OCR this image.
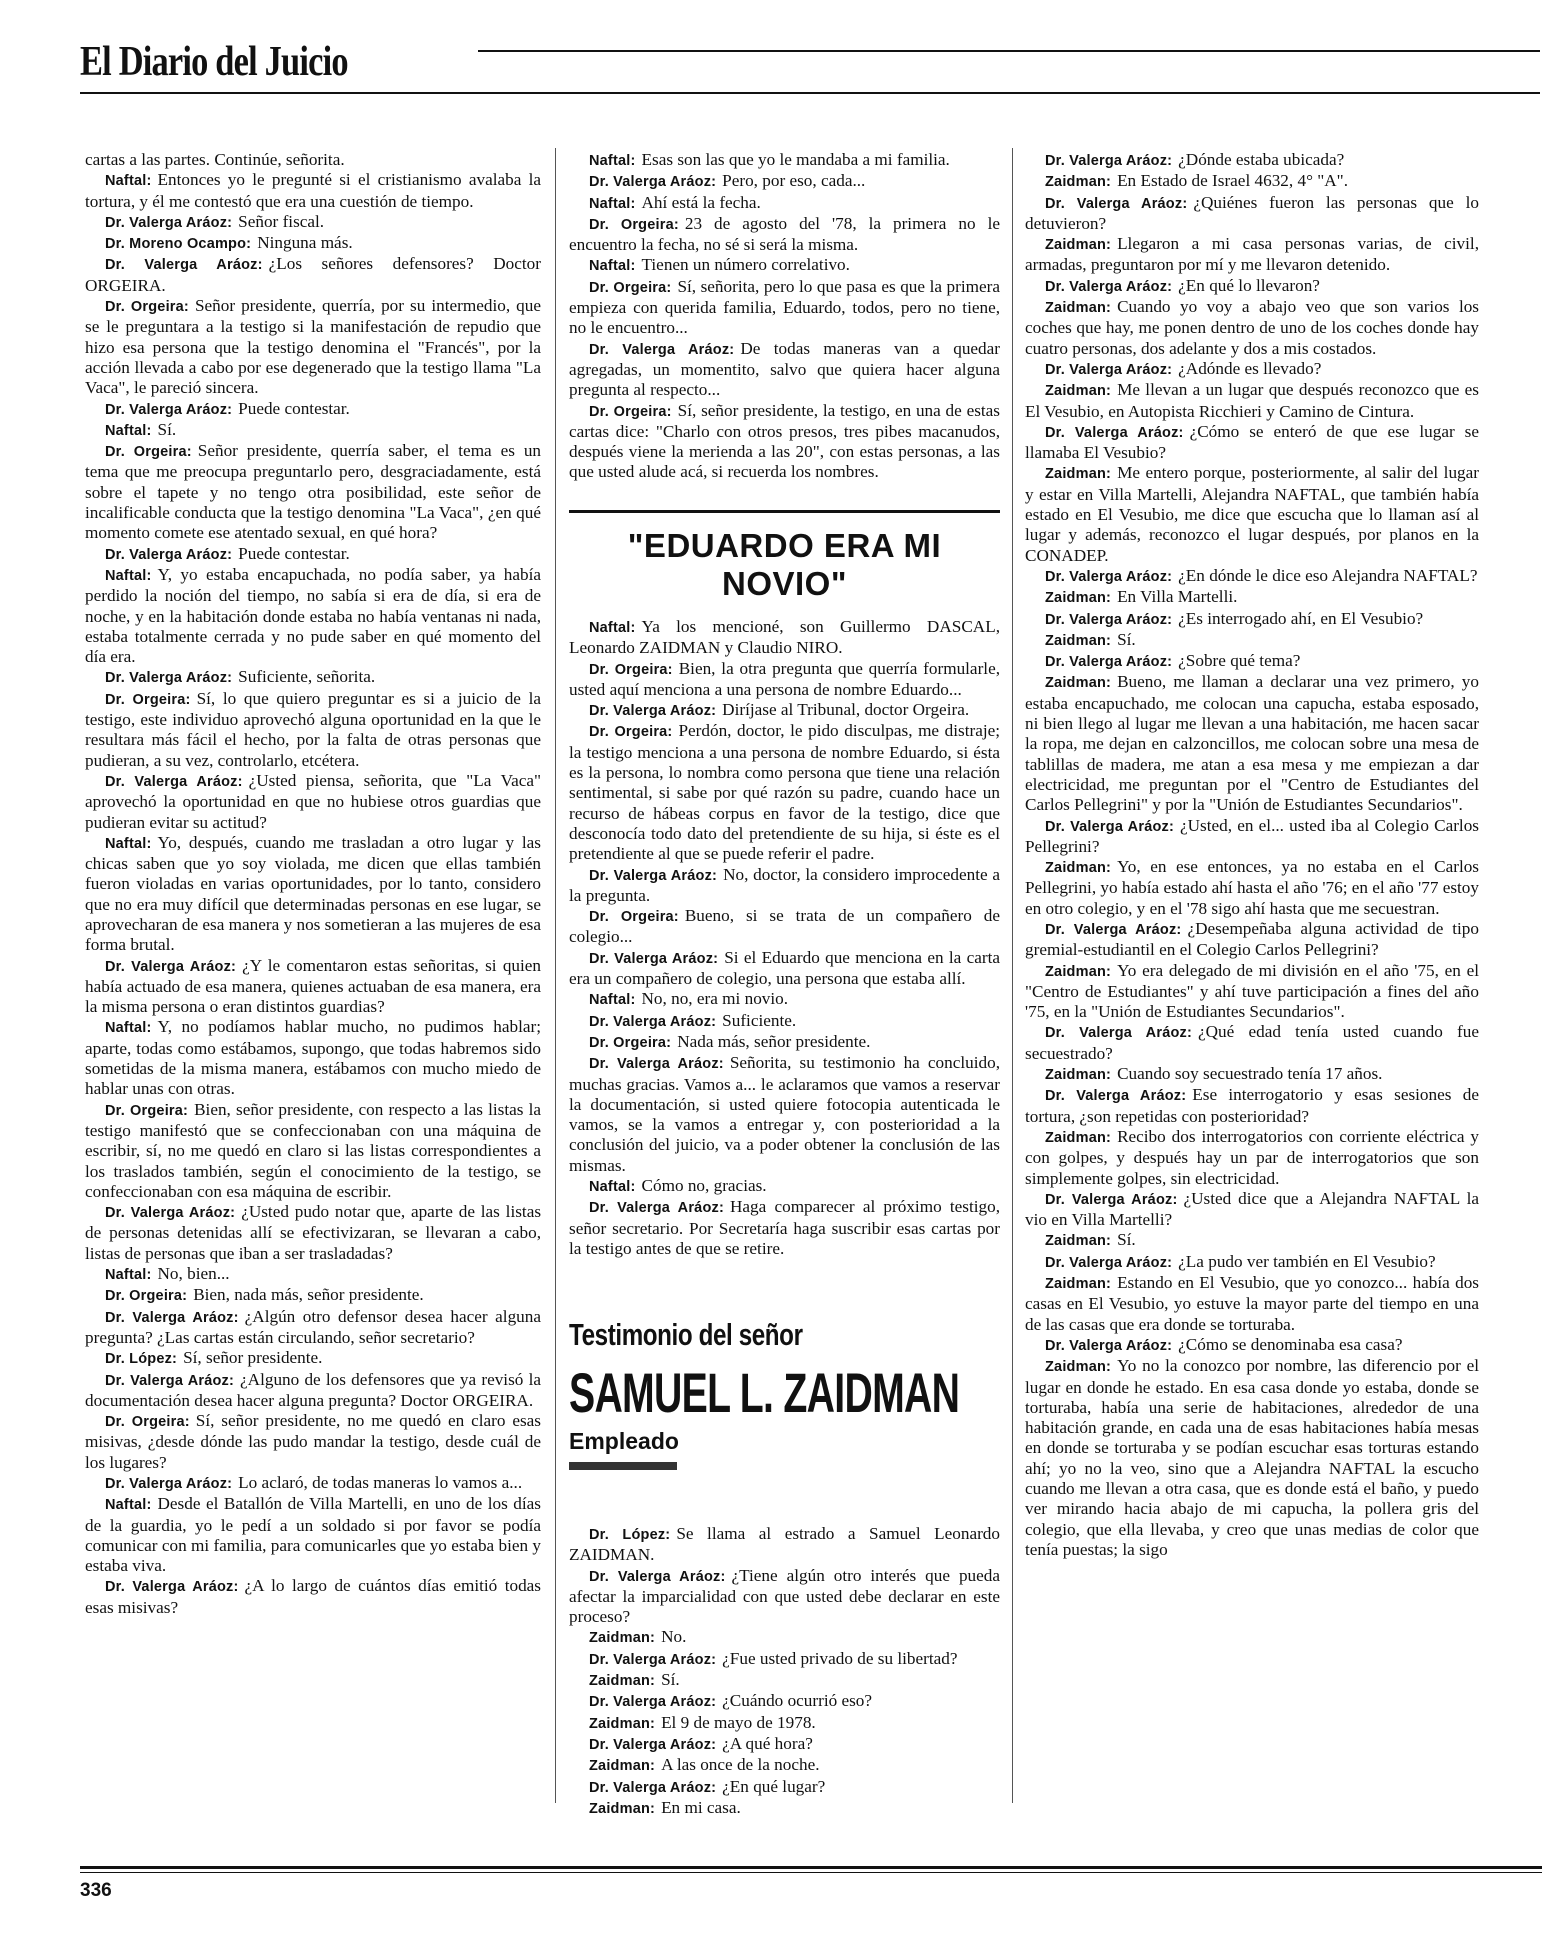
El Diario del Juicio

cartas a las partes. Continúe, señorita.

Naftal: Entonces yo le pregunté si el cristianismo avalaba la tortura, y él me contestó que era una cuestión de tiempo.

Dr. Valerga Aráoz: Señor fiscal.

Dr. Moreno Ocampo: Ninguna más.

Dr. Valerga Aráoz: ¿Los señores defensores? Doctor ORGEIRA.

Dr. Orgeira: Señor presidente, querría, por su intermedio, que se le preguntara a la testigo si la manifestación de repudio que hizo esa persona que la testigo denomina el "Francés", por la acción llevada a cabo por ese degenerado que la testigo llama "La Vaca", le pareció sincera.

Dr. Valerga Aráoz: Puede contestar.

Naftal: Sí.

Dr. Orgeira: Señor presidente, querría saber, el tema es un tema que me preocupa preguntarlo pero, desgraciadamente, está sobre el tapete y no tengo otra posibilidad, este señor de incalificable conducta que la testigo denomina "La Vaca", ¿en qué momento comete ese atentado sexual, en qué hora?

Dr. Valerga Aráoz: Puede contestar.

Naftal: Y, yo estaba encapuchada, no podía saber, ya había perdido la noción del tiempo, no sabía si era de día, si era de noche, y en la habitación donde estaba no había ventanas ni nada, estaba totalmente cerrada y no pude saber en qué momento del día era.

Dr. Valerga Aráoz: Suficiente, señorita.

Dr. Orgeira: Sí, lo que quiero preguntar es si a juicio de la testigo, este individuo aprovechó alguna oportunidad en la que le resultara más fácil el hecho, por la falta de otras personas que pudieran, a su vez, controlarlo, etcétera.

Dr. Valerga Aráoz: ¿Usted piensa, señorita, que "La Vaca" aprovechó la oportunidad en que no hubiese otros guardias que pudieran evitar su actitud?

Naftal: Yo, después, cuando me trasladan a otro lugar y las chicas saben que yo soy violada, me dicen que ellas también fueron violadas en varias oportunidades, por lo tanto, considero que no era muy difícil que determinadas personas en ese lugar, se aprovecharan de esa manera y nos sometieran a las mujeres de esa forma brutal.

Dr. Valerga Aráoz: ¿Y le comentaron estas señoritas, si quien había actuado de esa manera, quienes actuaban de esa manera, era la misma persona o eran distintos guardias?

Naftal: Y, no podíamos hablar mucho, no pudimos hablar; aparte, todas como estábamos, supongo, que todas habremos sido sometidas de la misma manera, estábamos con mucho miedo de hablar unas con otras.

Dr. Orgeira: Bien, señor presidente, con respecto a las listas la testigo manifestó que se confeccionaban con una máquina de escribir, sí, no me quedó en claro si las listas correspondientes a los traslados también, según el conocimiento de la testigo, se confeccionaban con esa máquina de escribir.

Dr. Valerga Aráoz: ¿Usted pudo notar que, aparte de las listas de personas detenidas allí se efectivizaran, se llevaran a cabo, listas de personas que iban a ser trasladadas?

Naftal: No, bien...

Dr. Orgeira: Bien, nada más, señor presidente.

Dr. Valerga Aráoz: ¿Algún otro defensor desea hacer alguna pregunta? ¿Las cartas están circulando, señor secretario?

Dr. López: Sí, señor presidente.

Dr. Valerga Aráoz: ¿Alguno de los defensores que ya revisó la documentación desea hacer alguna pregunta? Doctor ORGEIRA.

Dr. Orgeira: Sí, señor presidente, no me quedó en claro esas misivas, ¿desde dónde las pudo mandar la testigo, desde cuál de los lugares?

Dr. Valerga Aráoz: Lo aclaró, de todas maneras lo vamos a...

Naftal: Desde el Batallón de Villa Martelli, en uno de los días de la guardia, yo le pedí a un soldado si por favor se podía comunicar con mi familia, para comunicarles que yo estaba bien y estaba viva.

Dr. Valerga Aráoz: ¿A lo largo de cuántos días emitió todas esas misivas?

Naftal: Esas son las que yo le mandaba a mi familia.

Dr. Valerga Aráoz: Pero, por eso, cada...

Naftal: Ahí está la fecha.

Dr. Orgeira: 23 de agosto del '78, la primera no le encuentro la fecha, no sé si será la misma.

Naftal: Tienen un número correlativo.

Dr. Orgeira: Sí, señorita, pero lo que pasa es que la primera empieza con querida familia, Eduardo, todos, pero no tiene, no le encuentro...

Dr. Valerga Aráoz: De todas maneras van a quedar agregadas, un momentito, salvo que quiera hacer alguna pregunta al respecto...

Dr. Orgeira: Sí, señor presidente, la testigo, en una de estas cartas dice: "Charlo con otros presos, tres pibes macanudos, después viene la merienda a las 20", con estas personas, a las que usted alude acá, si recuerda los nombres.

"EDUARDO ERA MI NOVIO"

Naftal: Ya los mencioné, son Guillermo DASCAL, Leonardo ZAIDMAN y Claudio NIRO.

Dr. Orgeira: Bien, la otra pregunta que querría formularle, usted aquí menciona a una persona de nombre Eduardo...

Dr. Valerga Aráoz: Diríjase al Tribunal, doctor Orgeira.

Dr. Orgeira: Perdón, doctor, le pido disculpas, me distraje; la testigo menciona a una persona de nombre Eduardo, si ésta es la persona, lo nombra como persona que tiene una relación sentimental, si sabe por qué razón su padre, cuando hace un recurso de hábeas corpus en favor de la testigo, dice que desconocía todo dato del pretendiente de su hija, si éste es el pretendiente al que se puede referir el padre.

Dr. Valerga Aráoz: No, doctor, la considero improcedente a la pregunta.

Dr. Orgeira: Bueno, si se trata de un compañero de colegio...

Dr. Valerga Aráoz: Si el Eduardo que menciona en la carta era un compañero de colegio, una persona que estaba allí.

Naftal: No, no, era mi novio.

Dr. Valerga Aráoz: Suficiente.

Dr. Orgeira: Nada más, señor presidente.

Dr. Valerga Aráoz: Señorita, su testimonio ha concluido, muchas gracias. Vamos a... le aclaramos que vamos a reservar la documentación, si usted quiere fotocopia autenticada le vamos, se la vamos a entregar y, con posterioridad a la conclusión del juicio, va a poder obtener la conclusión de las mismas.

Naftal: Cómo no, gracias.

Dr. Valerga Aráoz: Haga comparecer al próximo testigo, señor secretario. Por Secretaría haga suscribir esas cartas por la testigo antes de que se retire.

Testimonio del señor
SAMUEL L. ZAIDMAN
Empleado

Dr. López: Se llama al estrado a Samuel Leonardo ZAIDMAN.

Dr. Valerga Aráoz: ¿Tiene algún otro interés que pueda afectar la imparcialidad con que usted debe declarar en este proceso?

Zaidman: No.

Dr. Valerga Aráoz: ¿Fue usted privado de su libertad?

Zaidman: Sí.

Dr. Valerga Aráoz: ¿Cuándo ocurrió eso?

Zaidman: El 9 de mayo de 1978.

Dr. Valerga Aráoz: ¿A qué hora?

Zaidman: A las once de la noche.

Dr. Valerga Aráoz: ¿En qué lugar?

Zaidman: En mi casa.

Dr. Valerga Aráoz: ¿Dónde estaba ubicada?

Zaidman: En Estado de Israel 4632, 4° "A".

Dr. Valerga Aráoz: ¿Quiénes fueron las personas que lo detuvieron?

Zaidman: Llegaron a mi casa personas varias, de civil, armadas, preguntaron por mí y me llevaron detenido.

Dr. Valerga Aráoz: ¿En qué lo llevaron?

Zaidman: Cuando yo voy a abajo veo que son varios los coches que hay, me ponen dentro de uno de los coches donde hay cuatro personas, dos adelante y dos a mis costados.

Dr. Valerga Aráoz: ¿Adónde es llevado?

Zaidman: Me llevan a un lugar que después reconozco que es El Vesubio, en Autopista Ricchieri y Camino de Cintura.

Dr. Valerga Aráoz: ¿Cómo se enteró de que ese lugar se llamaba El Vesubio?

Zaidman: Me entero porque, posteriormente, al salir del lugar y estar en Villa Martelli, Alejandra NAFTAL, que también había estado en El Vesubio, me dice que escucha que lo llaman así al lugar y además, reconozco el lugar después, por planos en la CONADEP.

Dr. Valerga Aráoz: ¿En dónde le dice eso Alejandra NAFTAL?

Zaidman: En Villa Martelli.

Dr. Valerga Aráoz: ¿Es interrogado ahí, en El Vesubio?

Zaidman: Sí.

Dr. Valerga Aráoz: ¿Sobre qué tema?

Zaidman: Bueno, me llaman a declarar una vez primero, yo estaba encapuchado, me colocan una capucha, estaba esposado, ni bien llego al lugar me llevan a una habitación, me hacen sacar la ropa, me dejan en calzoncillos, me colocan sobre una mesa de tablillas de madera, me atan a esa mesa y me empiezan a dar electricidad, me preguntan por el "Centro de Estudiantes del Carlos Pellegrini" y por la "Unión de Estudiantes Secundarios".

Dr. Valerga Aráoz: ¿Usted, en el... usted iba al Colegio Carlos Pellegrini?

Zaidman: Yo, en ese entonces, ya no estaba en el Carlos Pellegrini, yo había estado ahí hasta el año '76; en el año '77 estoy en otro colegio, y en el '78 sigo ahí hasta que me secuestran.

Dr. Valerga Aráoz: ¿Desempeñaba alguna actividad de tipo gremial-estudiantil en el Colegio Carlos Pellegrini?

Zaidman: Yo era delegado de mi división en el año '75, en el "Centro de Estudiantes" y ahí tuve participación a fines del año '75, en la "Unión de Estudiantes Secundarios".

Dr. Valerga Aráoz: ¿Qué edad tenía usted cuando fue secuestrado?

Zaidman: Cuando soy secuestrado tenía 17 años.

Dr. Valerga Aráoz: Ese interrogatorio y esas sesiones de tortura, ¿son repetidas con posterioridad?

Zaidman: Recibo dos interrogatorios con corriente eléctrica y con golpes, y después hay un par de interrogatorios que son simplemente golpes, sin electricidad.

Dr. Valerga Aráoz: ¿Usted dice que a Alejandra NAFTAL la vio en Villa Martelli?

Zaidman: Sí.

Dr. Valerga Aráoz: ¿La pudo ver también en El Vesubio?

Zaidman: Estando en El Vesubio, que yo conozco... había dos casas en El Vesubio, yo estuve la mayor parte del tiempo en una de las casas que era donde se torturaba.

Dr. Valerga Aráoz: ¿Cómo se denominaba esa casa?

Zaidman: Yo no la conozco por nombre, las diferencio por el lugar en donde he estado. En esa casa donde yo estaba, donde se torturaba, había una serie de habitaciones, alrededor de una habitación grande, en cada una de esas habitaciones había mesas en donde se torturaba y se podían escuchar esas torturas estando ahí; yo no la veo, sino que a Alejandra NAFTAL la escucho cuando me llevan a otra casa, que es donde está el baño, y puedo ver mirando hacia abajo de mi capucha, la pollera gris del colegio, que ella llevaba, y creo que unas medias de color que tenía puestas; la sigo

336
